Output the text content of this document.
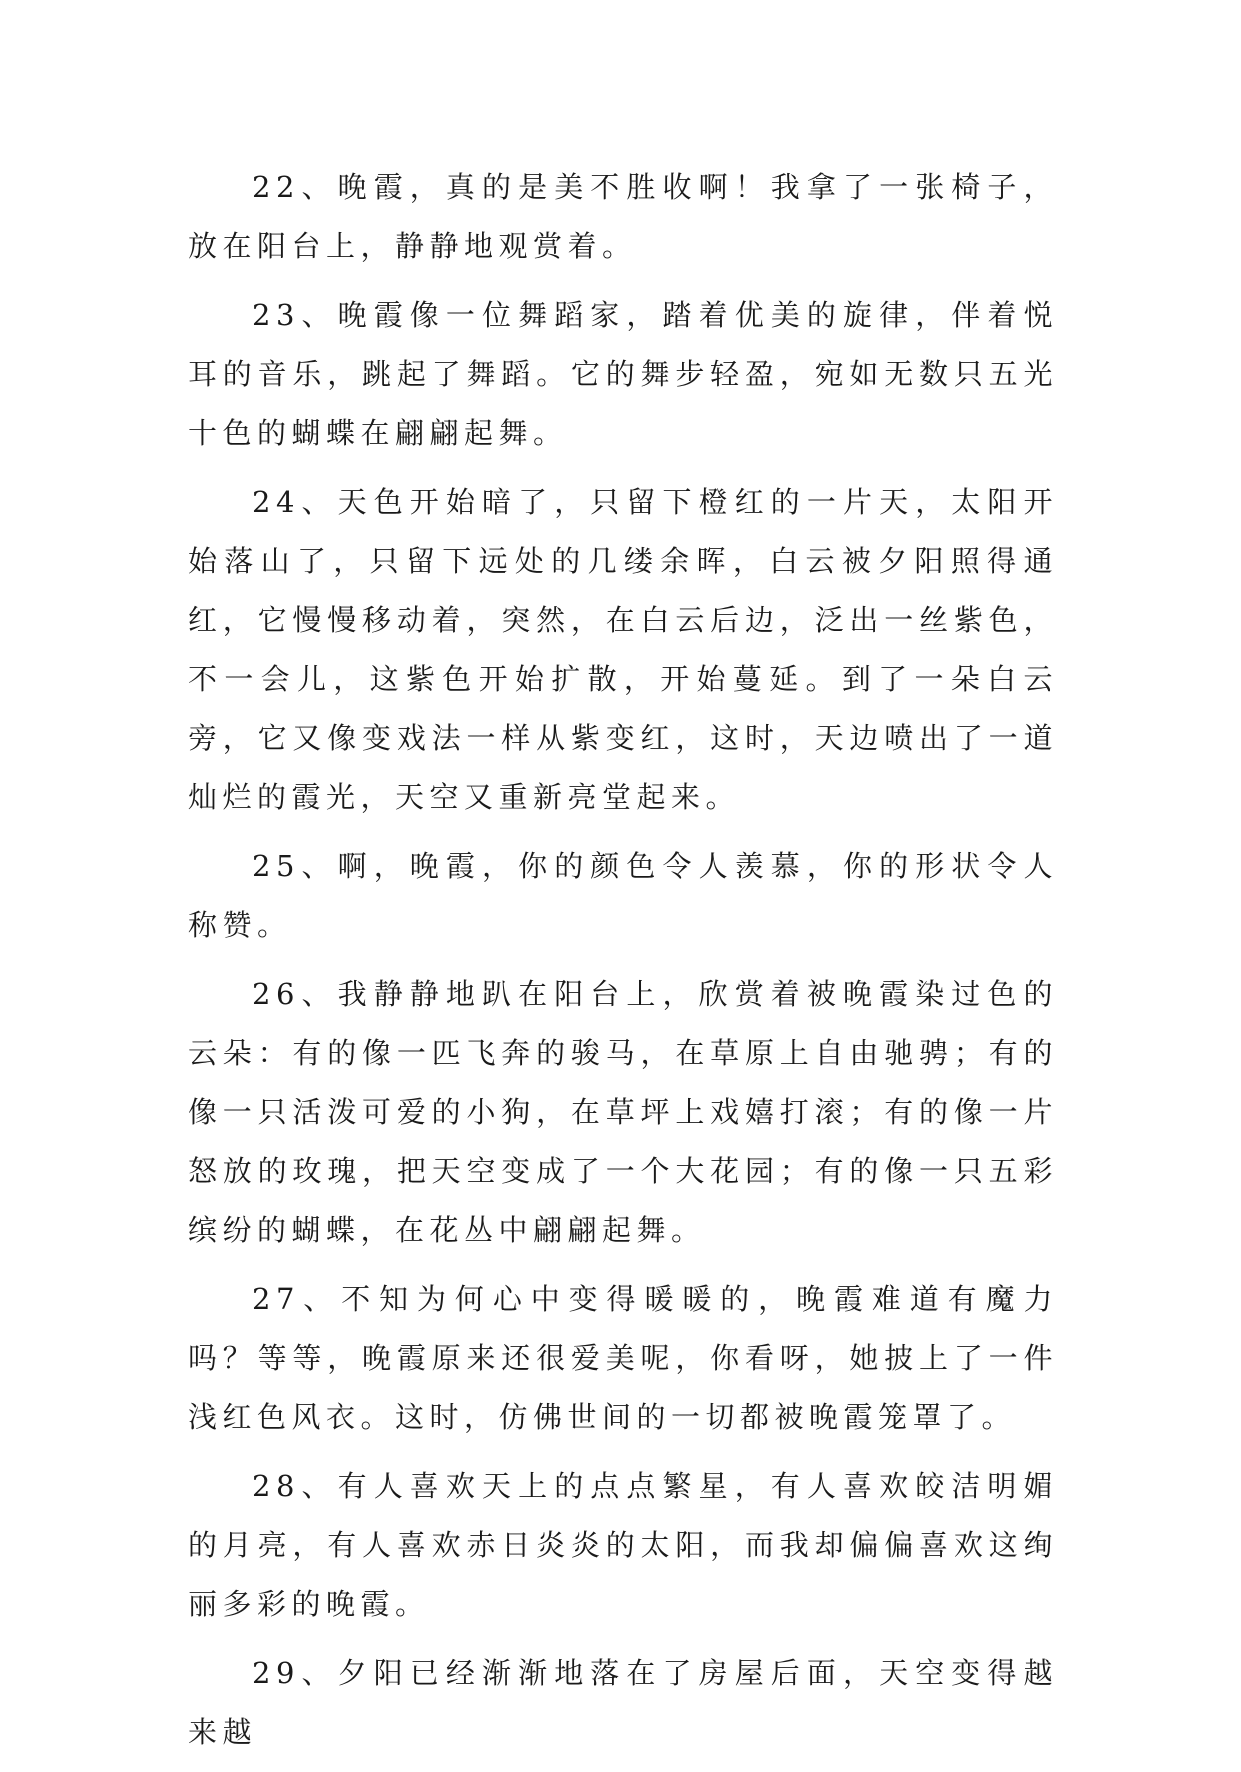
22、晚霞，真的是美不胜收啊！我拿了一张椅子，放在阳台上，静静地观赏着。

23、晚霞像一位舞蹈家，踏着优美的旋律，伴着悦耳的音乐，跳起了舞蹈。它的舞步轻盈，宛如无数只五光十色的蝴蝶在翩翩起舞。

24、天色开始暗了，只留下橙红的一片天，太阳开始落山了，只留下远处的几缕余晖，白云被夕阳照得通红，它慢慢移动着，突然，在白云后边，泛出一丝紫色，不一会儿，这紫色开始扩散，开始蔓延。到了一朵白云旁，它又像变戏法一样从紫变红，这时，天边喷出了一道灿烂的霞光，天空又重新亮堂起来。

25、啊，晚霞，你的颜色令人羡慕，你的形状令人称赞。

26、我静静地趴在阳台上，欣赏着被晚霞染过色的云朵：有的像一匹飞奔的骏马，在草原上自由驰骋；有的像一只活泼可爱的小狗，在草坪上戏嬉打滚；有的像一片怒放的玫瑰，把天空变成了一个大花园；有的像一只五彩缤纷的蝴蝶，在花丛中翩翩起舞。

27、不知为何心中变得暖暖的，晚霞难道有魔力吗？等等，晚霞原来还很爱美呢，你看呀，她披上了一件浅红色风衣。这时，仿佛世间的一切都被晚霞笼罩了。

28、有人喜欢天上的点点繁星，有人喜欢皎洁明媚的月亮，有人喜欢赤日炎炎的太阳，而我却偏偏喜欢这绚丽多彩的晚霞。

29、夕阳已经渐渐地落在了房屋后面，天空变得越来越
